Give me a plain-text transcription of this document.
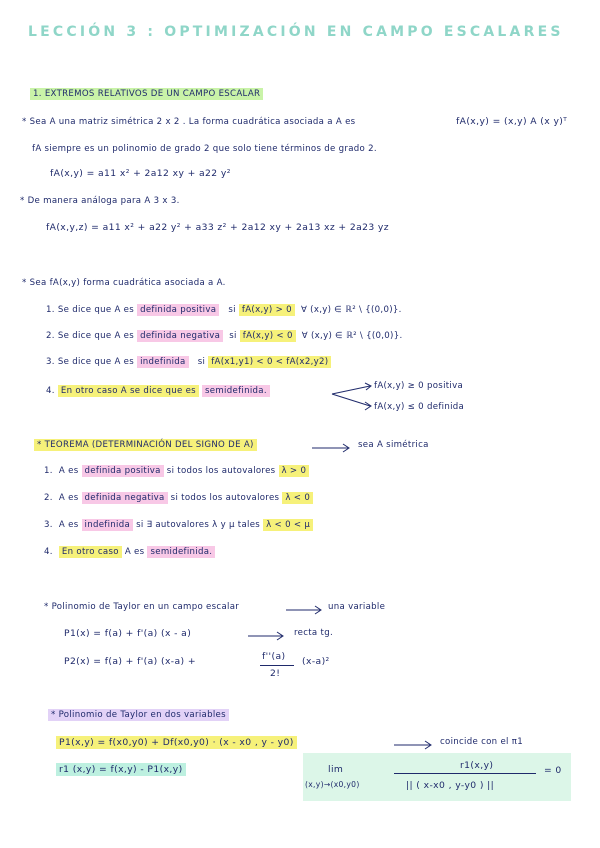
LECCIÓN 3 : OPTIMIZACIÓN EN CAMPO ESCALARES
1. EXTREMOS RELATIVOS DE UN CAMPO ESCALAR
* Sea A una matriz simétrica 2 x 2 . La forma cuadrática asociada a A es	fA(x,y) = (x,y) A (x y)ᵀ
fA siempre es un polinomio de grado 2 que solo tiene términos de grado 2.
fA(x,y) = a11 x² + 2a12 xy + a22 y²
* De manera análoga para A 3 x 3.
fA(x,y,z) = a11 x² + a22 y² + a33 z² + 2a12 xy + 2a13 xz + 2a23 yz
* Sea fA(x,y) forma cuadrática asociada a A.
1. Se dice que A es definida positiva si fA(x,y) > 0 ∀ (x,y) ∈ ℝ² \ {(0,0)}.
2. Se dice que A es definida negativa si fA(x,y) < 0 ∀ (x,y) ∈ ℝ² \ {(0,0)}.
3. Se dice que A es indefinida si fA(x1,y1) < 0 < fA(x2,y2)
4. En otro caso A se dice que es semidefinida.	fA(x,y) ≥ 0 positiva
fA(x,y) ≤ 0 definida
* TEOREMA (DETERMINACIÓN DEL SIGNO DE A)	sea A simétrica
1. A es definida positiva si todos los autovalores λ > 0
2. A es definida negativa si todos los autovalores λ < 0
3. A es indefinida si ∃ autovalores λ y μ tales λ < 0 < μ
4. En otro caso A es semidefinida.
* Polinomio de Taylor en un campo escalar	una variable
P1(x) = f(a) + f'(a) (x - a)	recta tg.
P2(x) = f(a) + f'(a) (x-a) +	f''(a)
2!
(x-a)²
* Polinomio de Taylor en dos variables
P1(x,y) = f(x0,y0) + Df(x0,y0) · (x - x0 , y - y0)	coincide con el π1
r1 (x,y) = f(x,y) - P1(x,y)	lim
(x,y)→(x0,y0)
r1(x,y)
|| ( x-x0 , y-y0 ) ||
= 0
